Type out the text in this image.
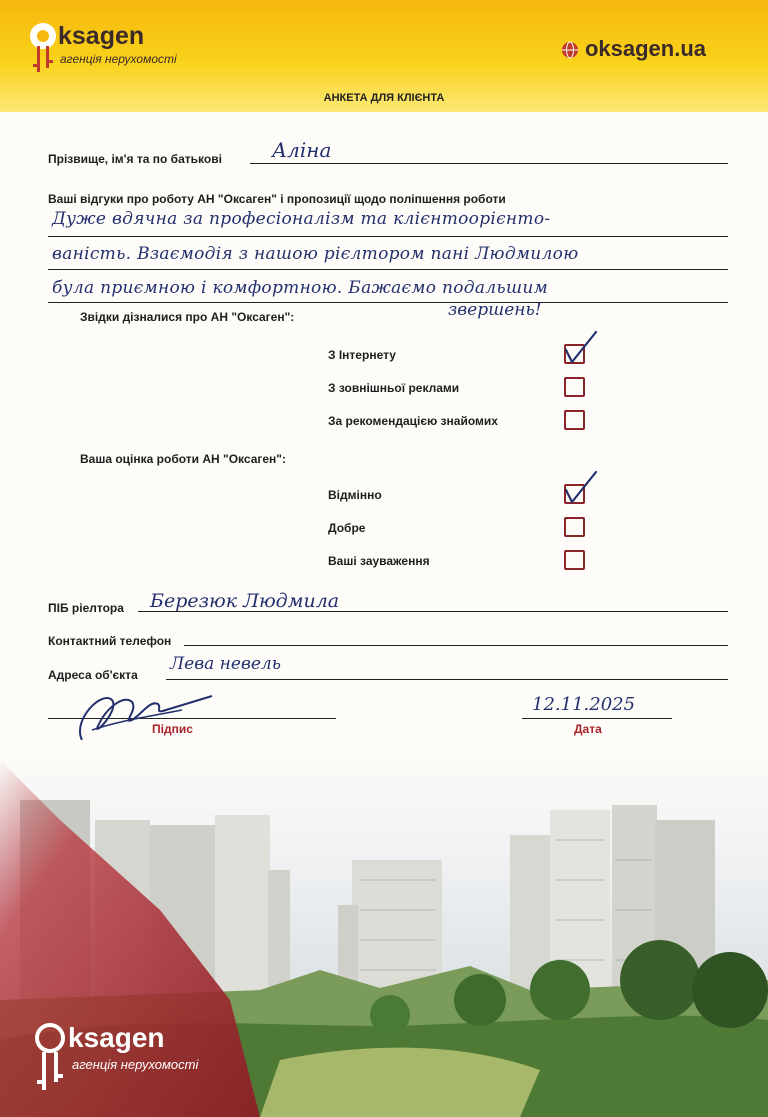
ksagen
агенція нерухомості	oksagen.ua
АНКЕТА ДЛЯ КЛІЄНТА
Прізвище, ім'я та по батькові	Аліна
Ваші відгуки про роботу АН "Оксаген" і пропозиції щодо поліпшення роботи
Дуже вдячна за професіоналізм та клієнтоорієнто-
ваність. Взаємодія з нашою рієлтором пані Людмилою
була приємною і комфортною. Бажаємо подальшим
звершень!
Звідки дізналися про АН "Оксаген":
З Інтернету
З зовнішньої реклами
За рекомендацією знайомих
Ваша оцінка роботи АН "Оксаген":
Відмінно
Добре
Ваші зауваження
ПІБ ріелтора Березюк Людмила
Контактний телефон
Адреса об'єкта
Лева невель
Підпис
12.11.2025
Дата
ksagen
агенція нерухомості
